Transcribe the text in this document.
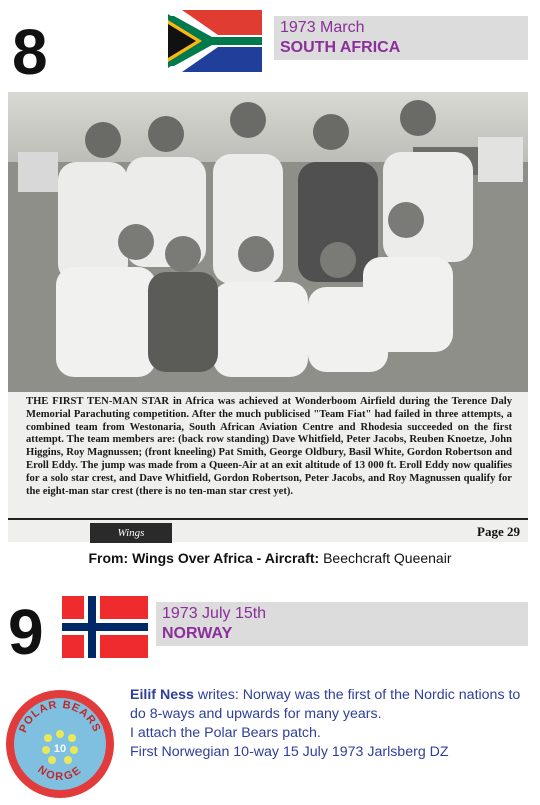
8	1973 March
SOUTH AFRICA
THE FIRST TEN-MAN STAR in Africa was achieved at Wonderboom Airfield during the Terence Daly Memorial Parachuting competition. After the much publicised "Team Fiat" had failed in three attempts, a combined team from Westonaria, South African Aviation Centre and Rhodesia succeeded on the first attempt. The team members are: (back row standing) Dave Whitfield, Peter Jacobs, Reuben Knoetze, John Higgins, Roy Magnussen; (front kneeling) Pat Smith, George Oldbury, Basil White, Gordon Robertson and Eroll Eddy. The jump was made from a Queen-Air at an exit altitude of 13 000 ft. Eroll Eddy now qualifies for a solo star crest, and Dave Whitfield, Gordon Robertson, Peter Jacobs, and Roy Magnussen qualify for the eight-man star crest (there is no ten-man star crest yet).
Wings	Page 29
From: Wings Over Africa - Aircraft: Beechcraft Queenair
9	1973 July 15th
NORWAY
POLAR BEARS
NORGE
10

Eilif Ness writes: Norway was the first of the Nordic nations to do 8-ways and upwards for many years.

I attach the Polar Bears patch.

First Norwegian 10-way 15 July 1973 Jarlsberg DZ
